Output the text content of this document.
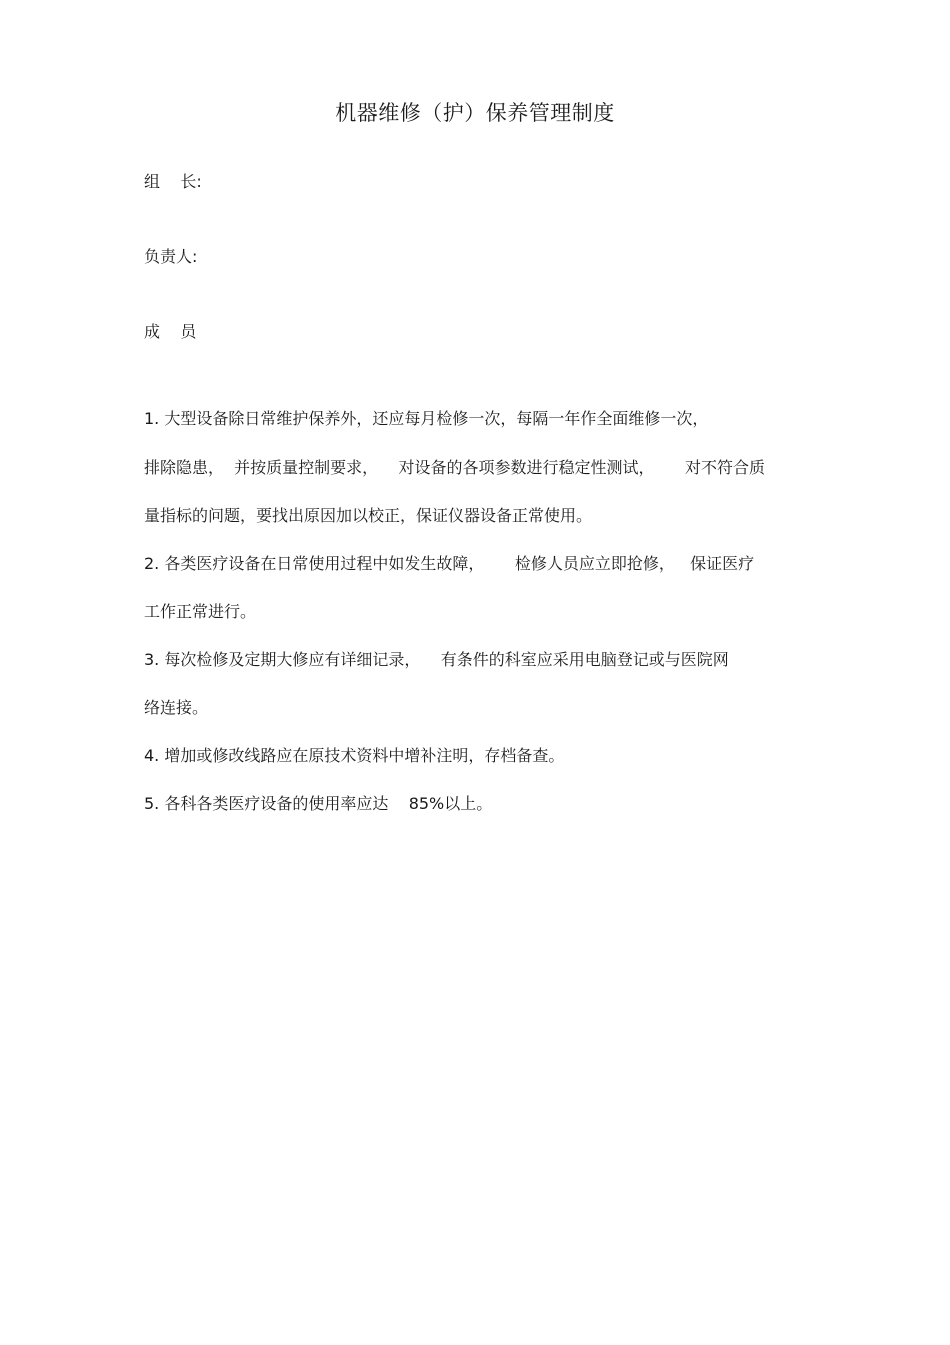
机器维修（护）保养管理制度
组    长:
负责人:
成    员
1. 大型设备除日常维护保养外，还应每月检修一次，每隔一年作全面维修一次，
排除隐患，  并按质量控制要求，    对设备的各项参数进行稳定性测试，      对不符合质
量指标的问题，要找出原因加以校正，保证仪器设备正常使用。
2. 各类医疗设备在日常使用过程中如发生故障，      检修人员应立即抢修，   保证医疗
工作正常进行。
3. 每次检修及定期大修应有详细记录，    有条件的科室应采用电脑登记或与医院网
络连接。
4. 增加或修改线路应在原技术资料中增补注明，存档备查。
5. 各科各类医疗设备的使用率应达    85%以上。
